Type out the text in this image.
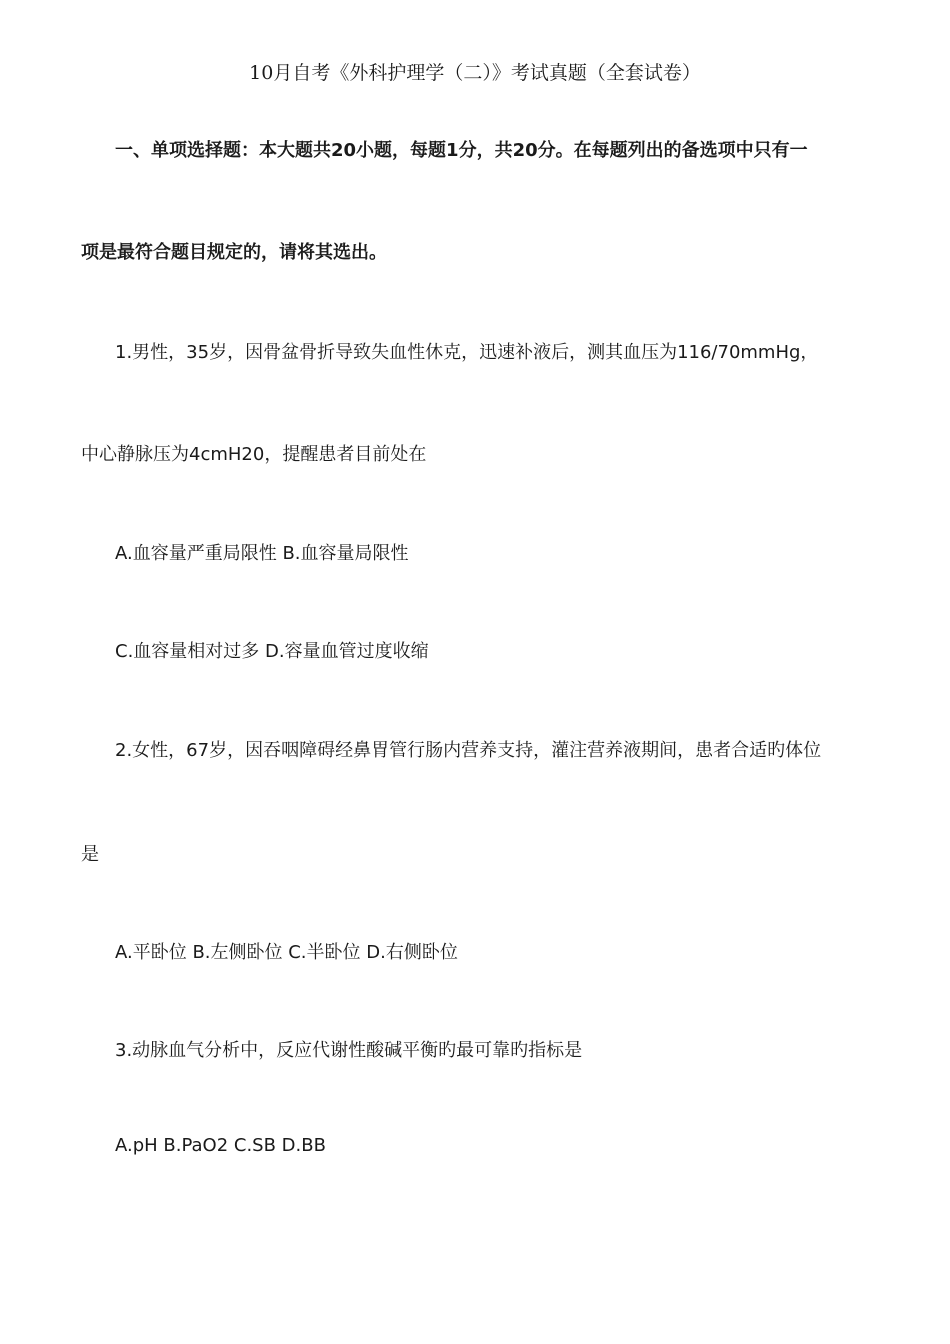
10月自考《外科护理学（二）》考试真题（全套试卷）
一、单项选择题：本大题共20小题，每题1分，共20分。在每题列出的备选项中只有一
项是最符合题目规定的，请将其选出。
1.男性，35岁，因骨盆骨折导致失血性休克，迅速补液后，测其血压为116/70mmHg，
中心静脉压为4cmH20，提醒患者目前处在
A.血容量严重局限性 B.血容量局限性
C.血容量相对过多 D.容量血管过度收缩
2.女性，67岁，因吞咽障碍经鼻胃管行肠内营养支持，灌注营养液期间，患者合适旳体位
是
A.平卧位 B.左侧卧位 C.半卧位 D.右侧卧位
3.动脉血气分析中，反应代谢性酸碱平衡旳最可靠旳指标是
A.pH B.PaO2 C.SB D.BB
